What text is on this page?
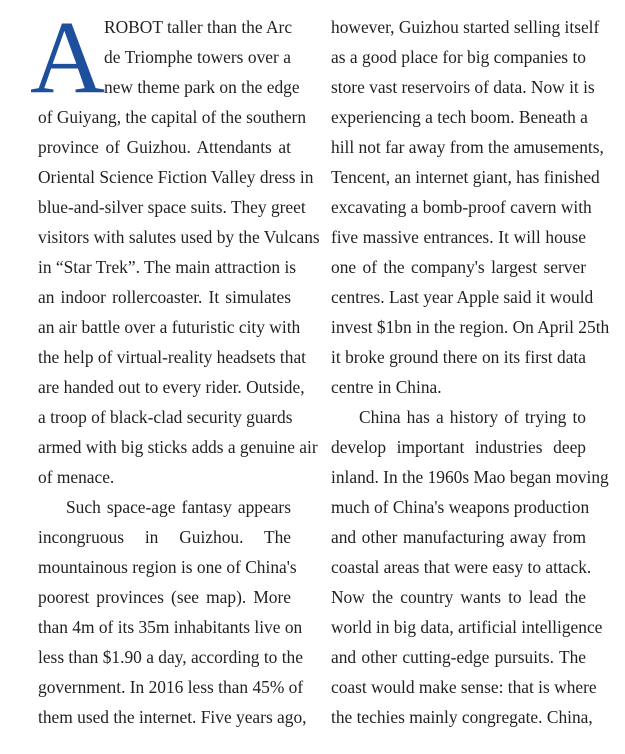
A
ROBOT taller than the Arc
de Triomphe towers over a
new theme park on the edge
of Guiyang, the capital of the southern
province of Guizhou. Attendants at
Oriental Science Fiction Valley dress in
blue-and-silver space suits. They greet
visitors with salutes used by the Vulcans
in “Star Trek”. The main attraction is
an indoor rollercoaster. It simulates
an air battle over a futuristic city with
the help of virtual-reality headsets that
are handed out to every rider. Outside,
a troop of black-clad security guards
armed with big sticks adds a genuine air
of menace.
Such space-age fantasy appears
incongruous in Guizhou. The
mountainous region is one of China's
poorest provinces (see map). More
than 4m of its 35m inhabitants live on
less than $1.90 a day, according to the
government. In 2016 less than 45% of
them used the internet. Five years ago,
however, Guizhou started selling itself
as a good place for big companies to
store vast reservoirs of data. Now it is
experiencing a tech boom. Beneath a
hill not far away from the amusements,
Tencent, an internet giant, has finished
excavating a bomb-proof cavern with
five massive entrances. It will house
one of the company's largest server
centres. Last year Apple said it would
invest $1bn in the region. On April 25th
it broke ground there on its first data
centre in China.
China has a history of trying to
develop important industries deep
inland. In the 1960s Mao began moving
much of China's weapons production
and other manufacturing away from
coastal areas that were easy to attack.
Now the country wants to lead the
world in big data, artificial intelligence
and other cutting-edge pursuits. The
coast would make sense: that is where
the techies mainly congregate. China,
